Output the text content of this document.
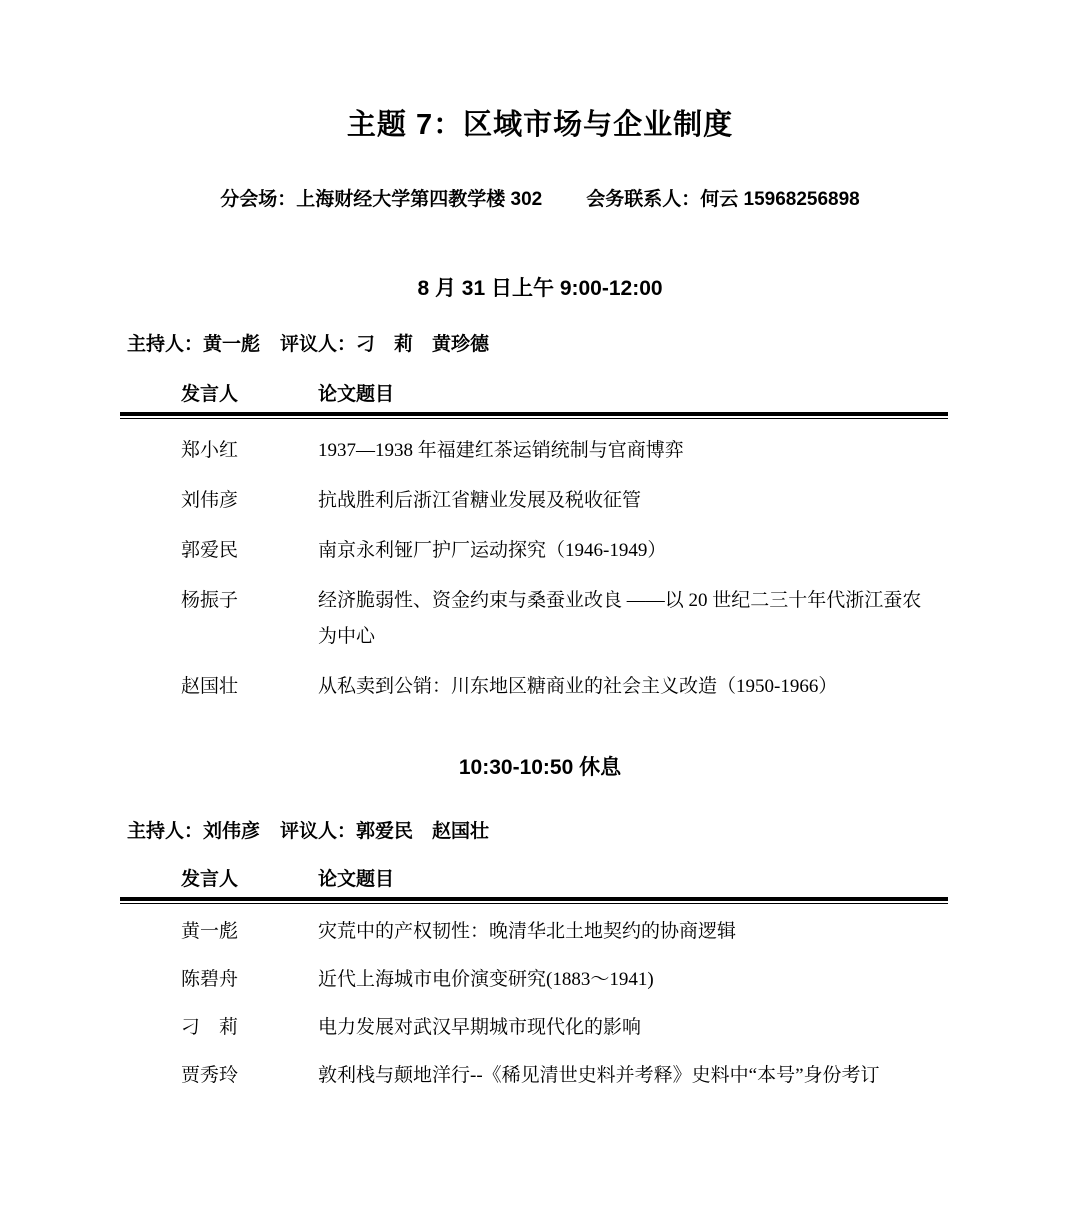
主题 7：区域市场与企业制度
分会场：上海财经大学第四教学楼 302 会务联系人：何云 15968256898
8 月 31 日上午 9:00-12:00
主持人：黄一彪 评议人：刁　莉　黄珍德
发言人	论文题目
郑小红	1937—1938 年福建红茶运销统制与官商博弈
刘伟彦	抗战胜利后浙江省糖业发展及税收征管
郭爱民	南京永利铔厂护厂运动探究（1946-1949）
杨振子	经济脆弱性、资金约束与桑蚕业改良 ——以 20 世纪二三十年代浙江蚕农为中心
赵国壮	从私卖到公销：川东地区糖商业的社会主义改造（1950-1966）
10:30-10:50 休息
主持人：刘伟彦 评议人：郭爱民　赵国壮
发言人	论文题目
黄一彪	灾荒中的产权韧性：晚清华北土地契约的协商逻辑
陈碧舟	近代上海城市电价演变研究(1883～1941)
刁　莉	电力发展对武汉早期城市现代化的影响
贾秀玲	敦利栈与颠地洋行--《稀见清世史料并考释》史料中“本号”身份考订
